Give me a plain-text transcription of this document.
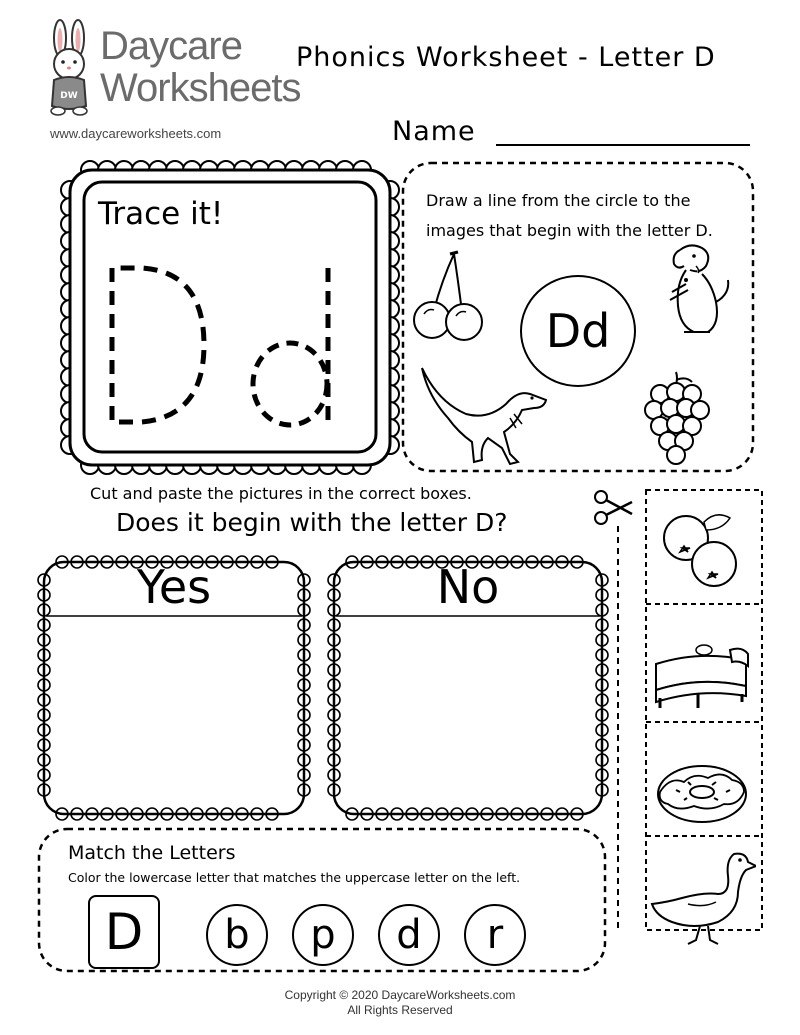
DW
Daycare
Worksheets
www.daycareworksheets.com
Phonics Worksheet - Letter D
Name
Trace it!	Draw a line from the circle to the
images that begin with the letter D.
Dd
Cut and paste the pictures in the correct boxes.
Does it begin with the letter D?
Yes	No
Match the Letters
Color the lowercase letter that matches the uppercase letter on the left.
D	b	p	d	r
Copyright © 2020 DaycareWorksheets.com
All Rights Reserved
